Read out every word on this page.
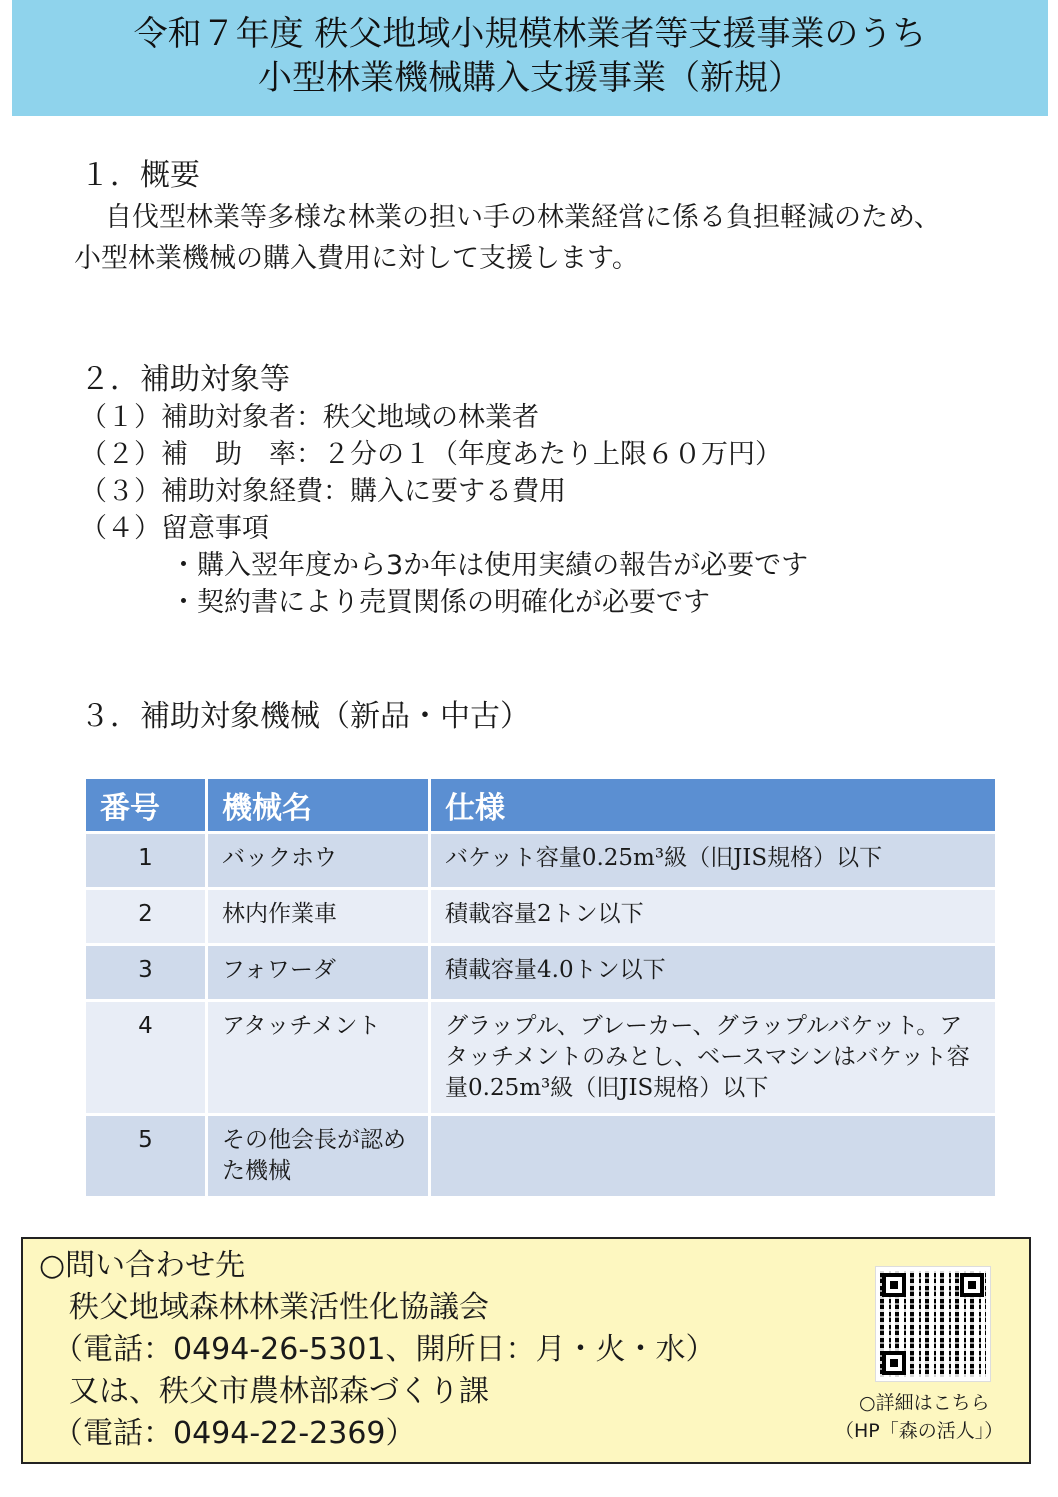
令和７年度 秩父地域小規模林業者等支援事業のうち
小型林業機械購入支援事業（新規）
１．概要
　自伐型林業等多様な林業の担い手の林業経営に係る負担軽減のため、
小型林業機械の購入費用に対して支援します。
２．補助対象等
（１）補助対象者：秩父地域の林業者
（２）補　助　率：２分の１（年度あたり上限６０万円）
（３）補助対象経費：購入に要する費用
（４）留意事項
・購入翌年度から3か年は使用実績の報告が必要です
・契約書により売買関係の明確化が必要です
３．補助対象機械（新品・中古）
番号	機械名	仕様
1	バックホウ	バケット容量0.25m³級（旧JIS規格）以下
2	林内作業車	積載容量2トン以下
3	フォワーダ	積載容量4.0トン以下
4	アタッチメント	グラップル、ブレーカー、グラップルバケット。アタッチメントのみとし、ベースマシンはバケット容量0.25m³級（旧JIS規格）以下
5	その他会長が認めた機械	
○問い合わせ先
秩父地域森林林業活性化協議会
（電話：0494-26-5301、開所日：月・火・水）
又は、秩父市農林部森づくり課
（電話：0494-22-2369）
○詳細はこちら
（HP「森の活人」）
